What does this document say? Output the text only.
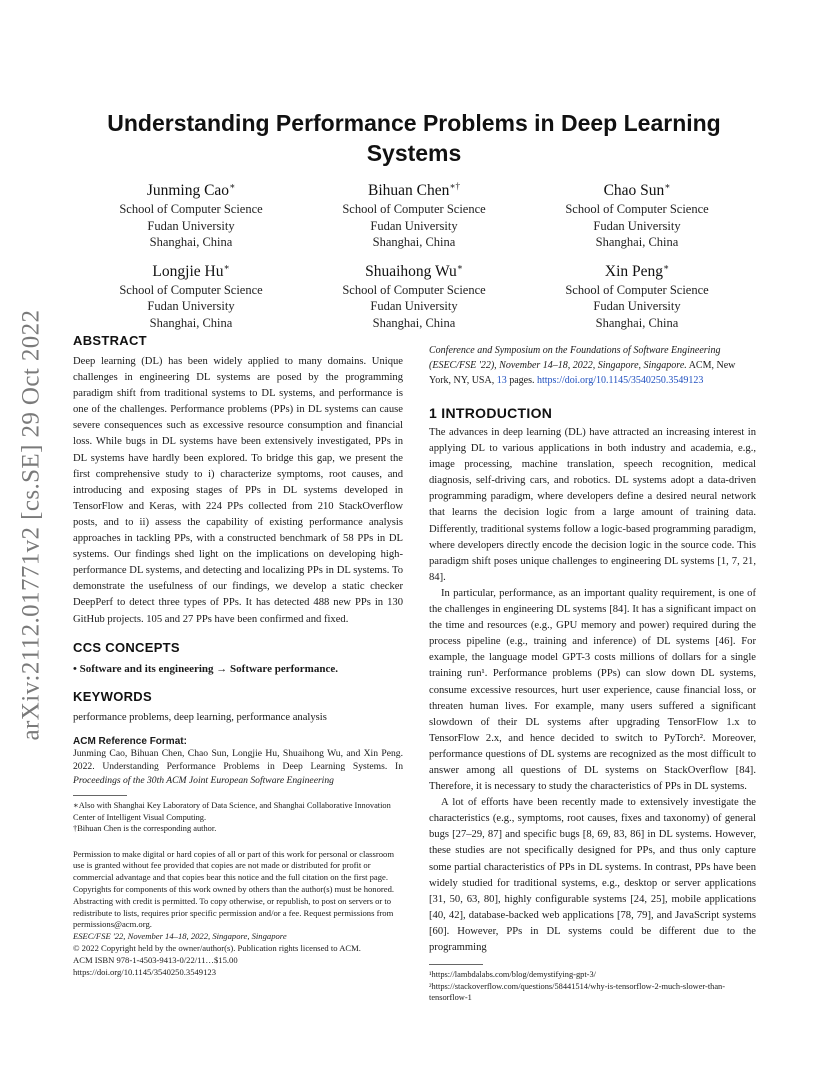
arXiv:2112.01771v2 [cs.SE] 29 Oct 2022
Understanding Performance Problems in Deep Learning Systems
Junming Cao∗
School of Computer Science
Fudan University
Shanghai, China
Bihuan Chen∗†
School of Computer Science
Fudan University
Shanghai, China
Chao Sun∗
School of Computer Science
Fudan University
Shanghai, China
Longjie Hu∗
School of Computer Science
Fudan University
Shanghai, China
Shuaihong Wu∗
School of Computer Science
Fudan University
Shanghai, China
Xin Peng∗
School of Computer Science
Fudan University
Shanghai, China
ABSTRACT

Deep learning (DL) has been widely applied to many domains. Unique challenges in engineering DL systems are posed by the programming paradigm shift from traditional systems to DL systems, and performance is one of the challenges. Performance problems (PPs) in DL systems can cause severe consequences such as excessive resource consumption and financial loss. While bugs in DL systems have been extensively investigated, PPs in DL systems have hardly been explored. To bridge this gap, we present the first comprehensive study to i) characterize symptoms, root causes, and introducing and exposing stages of PPs in DL systems developed in TensorFlow and Keras, with 224 PPs collected from 210 StackOverflow posts, and to ii) assess the capability of existing performance analysis approaches in tackling PPs, with a constructed benchmark of 58 PPs in DL systems. Our findings shed light on the implications on developing high-performance DL systems, and detecting and localizing PPs in DL systems. To demonstrate the usefulness of our findings, we develop a static checker DeepPerf to detect three types of PPs. It has detected 488 new PPs in 130 GitHub projects. 105 and 27 PPs have been confirmed and fixed.

CCS CONCEPTS
• Software and its engineering → Software performance.
KEYWORDS

performance problems, deep learning, performance analysis

ACM Reference Format:

Junming Cao, Bihuan Chen, Chao Sun, Longjie Hu, Shuaihong Wu, and Xin Peng. 2022. Understanding Performance Problems in Deep Learning Systems. In Proceedings of the 30th ACM Joint European Software Engineering

∗Also with Shanghai Key Laboratory of Data Science, and Shanghai Collaborative Innovation Center of Intelligent Visual Computing.
†Bihuan Chen is the corresponding author.
Permission to make digital or hard copies of all or part of this work for personal or classroom use is granted without fee provided that copies are not made or distributed for profit or commercial advantage and that copies bear this notice and the full citation on the first page. Copyrights for components of this work owned by others than the author(s) must be honored. Abstracting with credit is permitted. To copy otherwise, or republish, to post on servers or to redistribute to lists, requires prior specific permission and/or a fee. Request permissions from permissions@acm.org.
ESEC/FSE '22, November 14–18, 2022, Singapore, Singapore
© 2022 Copyright held by the owner/author(s). Publication rights licensed to ACM.
ACM ISBN 978-1-4503-9413-0/22/11…$15.00
https://doi.org/10.1145/3540250.3549123

Conference and Symposium on the Foundations of Software Engineering (ESEC/FSE '22), November 14–18, 2022, Singapore, Singapore. ACM, New York, NY, USA, 13 pages. https://doi.org/10.1145/3540250.3549123

1 INTRODUCTION

The advances in deep learning (DL) have attracted an increasing interest in applying DL to various applications in both industry and academia, e.g., image processing, machine translation, speech recognition, medical diagnosis, self-driving cars, and robotics. DL systems adopt a data-driven programming paradigm, where developers define a desired neural network that learns the decision logic from a large amount of training data. Differently, traditional systems follow a logic-based programming paradigm, where developers directly encode the decision logic in the source code. This paradigm shift poses unique challenges to engineering DL systems [1, 7, 21, 84].

In particular, performance, as an important quality requirement, is one of the challenges in engineering DL systems [84]. It has a significant impact on the time and resources (e.g., GPU memory and power) required during the process pipeline (e.g., training and inference) of DL systems [46]. For example, the language model GPT-3 costs millions of dollars for a single training run¹. Performance problems (PPs) can slow down DL systems, consume excessive resources, hurt user experience, cause financial loss, or threaten human lives. For example, many users suffered a significant slowdown of their DL systems after upgrading TensorFlow 1.x to TensorFlow 2.x, and hence decided to switch to PyTorch². Moreover, performance questions of DL systems are recognized as the most difficult to answer among all questions of DL systems on StackOverflow [84]. Therefore, it is necessary to study the characteristics of PPs in DL systems.

A lot of efforts have been recently made to extensively investigate the characteristics (e.g., symptoms, root causes, fixes and taxonomy) of general bugs [27–29, 87] and specific bugs [8, 69, 83, 86] in DL systems. However, these studies are not specifically designed for PPs, and thus only capture some partial characteristics of PPs in DL systems. In contrast, PPs have been widely studied for traditional systems, e.g., desktop or server applications [31, 50, 63, 80], highly configurable systems [24, 25], mobile applications [40, 42], database-backed web applications [78, 79], and JavaScript systems [60]. However, PPs in DL systems could be different due to the programming

¹https://lambdalabs.com/blog/demystifying-gpt-3/
²https://stackoverflow.com/questions/58441514/why-is-tensorflow-2-much-slower-than-tensorflow-1
